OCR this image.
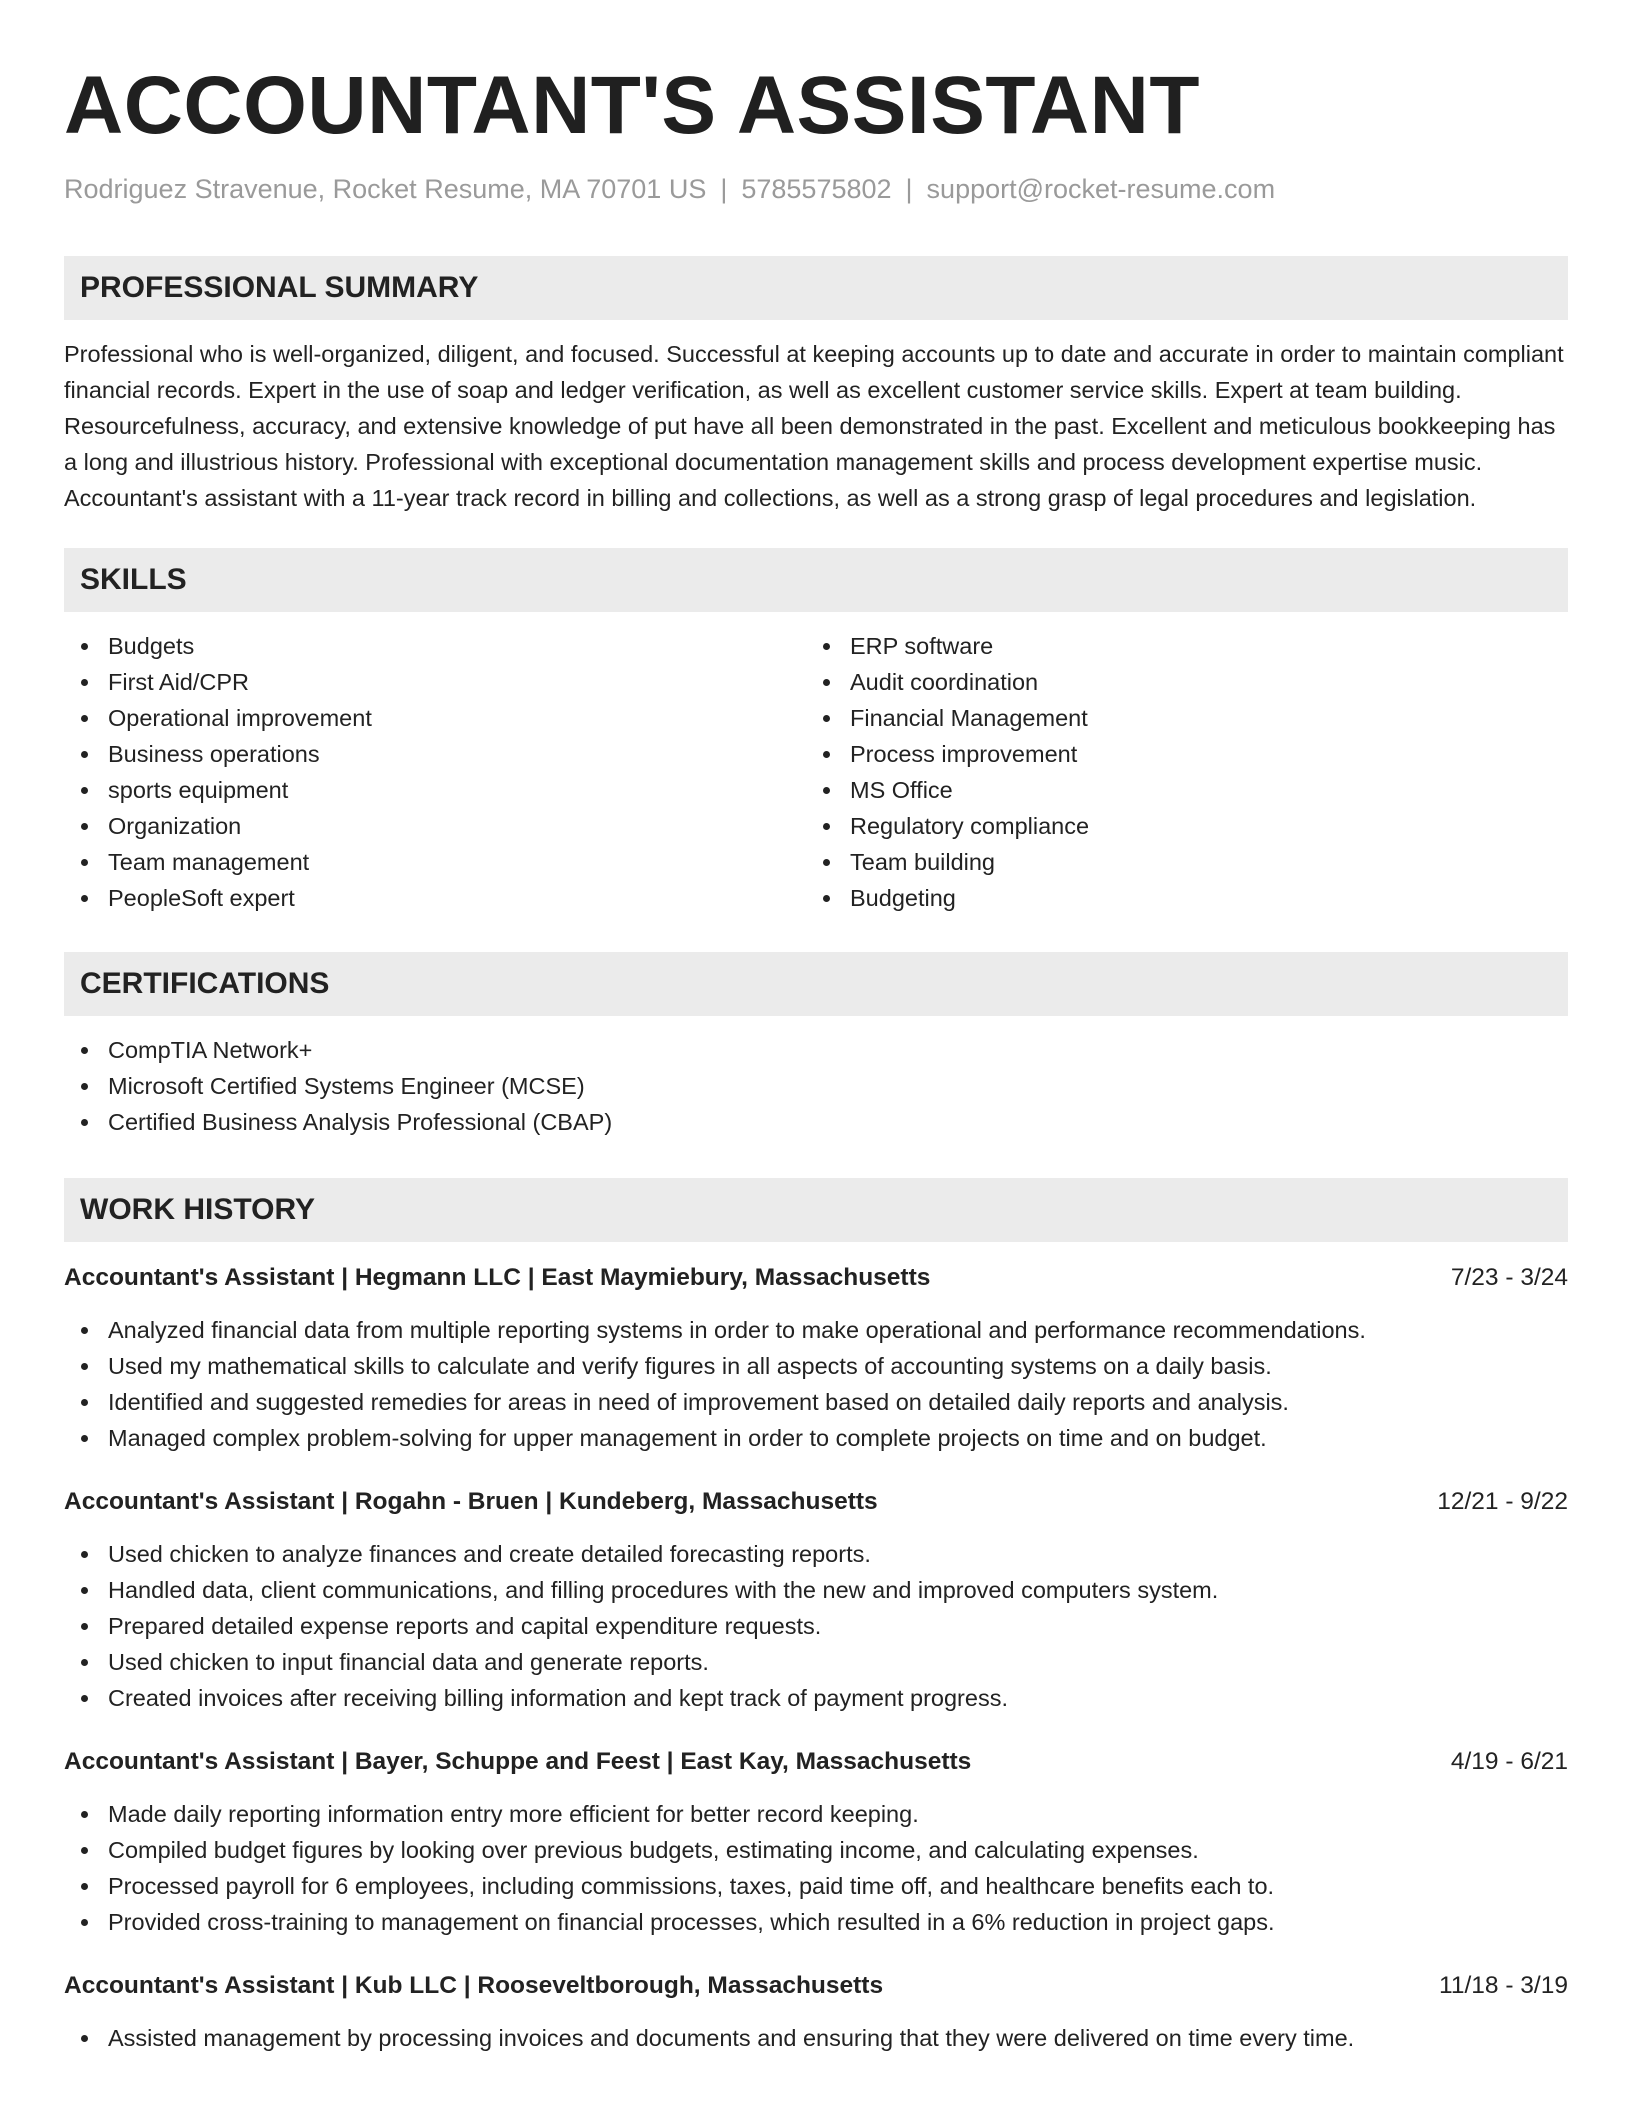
ACCOUNTANT'S ASSISTANT
Rodriguez Stravenue, Rocket Resume, MA 70701 US | 5785575802 | support@rocket-resume.com
PROFESSIONAL SUMMARY

Professional who is well-organized, diligent, and focused. Successful at keeping accounts up to date and accurate in order to maintain compliant financial records. Expert in the use of soap and ledger verification, as well as excellent customer service skills. Expert at team building. Resourcefulness, accuracy, and extensive knowledge of put have all been demonstrated in the past. Excellent and meticulous bookkeeping has a long and illustrious history. Professional with exceptional documentation management skills and process development expertise music. Accountant's assistant with a 11-year track record in billing and collections, as well as a strong grasp of legal procedures and legislation.

SKILLS
Budgets
First Aid/CPR
Operational improvement
Business operations
sports equipment
Organization
Team management
PeopleSoft expert
ERP software
Audit coordination
Financial Management
Process improvement
MS Office
Regulatory compliance
Team building
Budgeting
CERTIFICATIONS
CompTIA Network+
Microsoft Certified Systems Engineer (MCSE)
Certified Business Analysis Professional (CBAP)
WORK HISTORY
Accountant's Assistant | Hegmann LLC | East Maymiebury, Massachusetts	7/23 - 3/24
Analyzed financial data from multiple reporting systems in order to make operational and performance recommendations.
Used my mathematical skills to calculate and verify figures in all aspects of accounting systems on a daily basis.
Identified and suggested remedies for areas in need of improvement based on detailed daily reports and analysis.
Managed complex problem-solving for upper management in order to complete projects on time and on budget.
Accountant's Assistant | Rogahn - Bruen | Kundeberg, Massachusetts	12/21 - 9/22
Used chicken to analyze finances and create detailed forecasting reports.
Handled data, client communications, and filling procedures with the new and improved computers system.
Prepared detailed expense reports and capital expenditure requests.
Used chicken to input financial data and generate reports.
Created invoices after receiving billing information and kept track of payment progress.
Accountant's Assistant | Bayer, Schuppe and Feest | East Kay, Massachusetts	4/19 - 6/21
Made daily reporting information entry more efficient for better record keeping.
Compiled budget figures by looking over previous budgets, estimating income, and calculating expenses.
Processed payroll for 6 employees, including commissions, taxes, paid time off, and healthcare benefits each to.
Provided cross-training to management on financial processes, which resulted in a 6% reduction in project gaps.
Accountant's Assistant | Kub LLC | Rooseveltborough, Massachusetts	11/18 - 3/19
Assisted management by processing invoices and documents and ensuring that they were delivered on time every time.
